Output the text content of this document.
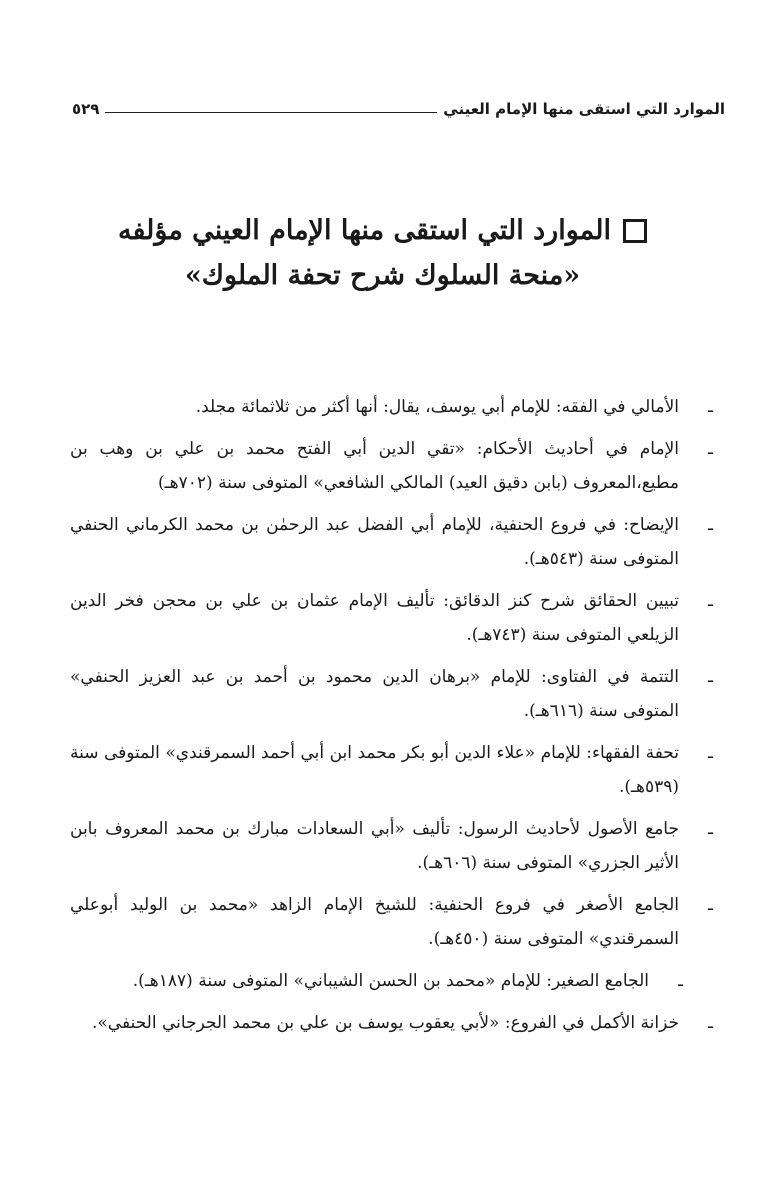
الموارد التي استقى منها الإمام العيني
٥٢٩
الموارد التي استقى منها الإمام العيني مؤلفه
«منحة السلوك شرح تحفة الملوك»
ـ
الأمالي في الفقه: للإمام أبي يوسف، يقال: أنها أكثر من ثلاثمائة مجلد.
ـ
الإمام في أحاديث الأحكام: «تقي الدين أبي الفتح محمد بن علي بن وهب بن مطيع،المعروف (بابن دقيق العيد) المالكي الشافعي» المتوفى سنة (٧٠٢هـ)
ـ
الإيضاح: في فروع الحنفية، للإمام أبي الفضل عبد الرحمٰن بن محمد الكرماني الحنفي المتوفى سنة (٥٤٣هـ).
ـ
تبيين الحقائق شرح كنز الدقائق: تأليف الإمام عثمان بن علي بن محجن فخر الدين الزيلعي المتوفى سنة (٧٤٣هـ).
ـ
التتمة في الفتاوى: للإمام «برهان الدين محمود بن أحمد بن عبد العزيز الحنفي» المتوفى سنة (٦١٦هـ).
ـ
تحفة الفقهاء: للإمام «علاء الدين أبو بكر محمد ابن أبي أحمد السمرقندي» المتوفى سنة (٥٣٩هـ).
ـ
جامع الأصول لأحاديث الرسول: تأليف «أبي السعادات مبارك بن محمد المعروف بابن الأثير الجزري» المتوفى سنة (٦٠٦هـ).
ـ
الجامع الأصغر في فروع الحنفية: للشيخ الإمام الزاهد «محمد بن الوليد أبوعلي السمرقندي» المتوفى سنة (٤٥٠هـ).
ـ
الجامع الصغير: للإمام «محمد بن الحسن الشيباني» المتوفى سنة (١٨٧هـ).
ـ
خزانة الأكمل في الفروع: «لأبي يعقوب يوسف بن علي بن محمد الجرجاني الحنفي».
